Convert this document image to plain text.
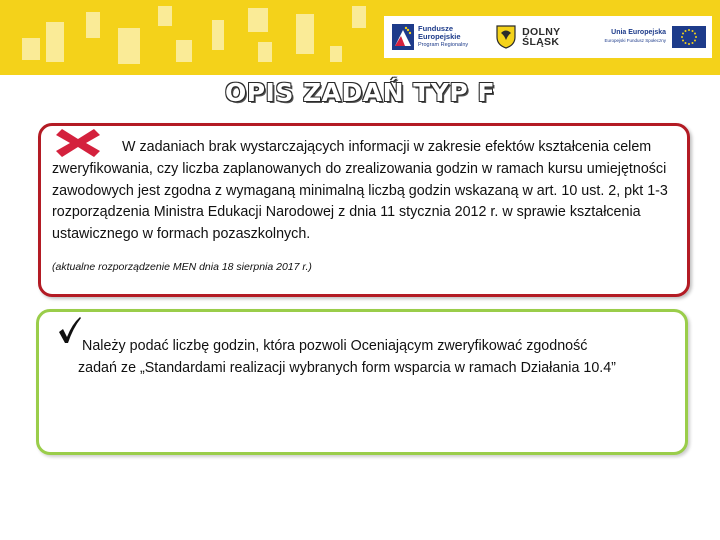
Fundusze
Europejskie
Program Regionalny
DOLNY
ŚLĄSK
Unia Europejska
Europejski Fundusz Społeczny
OPIS ZADAŃ TYP F
W zadaniach brak wystarczających informacji w zakresie efektów kształcenia celem zweryfikowania, czy liczba zaplanowanych do zrealizowania godzin w ramach kursu umiejętności zawodowych jest zgodna z wymaganą minimalną liczbą godzin wskazaną w art. 10 ust. 2, pkt 1-3 rozporządzenia Ministra Edukacji Narodowej z dnia 11 stycznia 2012 r. w sprawie kształcenia ustawicznego w formach pozaszkolnych.
(aktualne rozporządzenie MEN dnia 18 sierpnia 2017 r.)
Należy podać liczbę godzin, która pozwoli Oceniającym zweryfikować zgodność
zadań ze „Standardami realizacji wybranych form wsparcia w ramach Działania 10.4”
